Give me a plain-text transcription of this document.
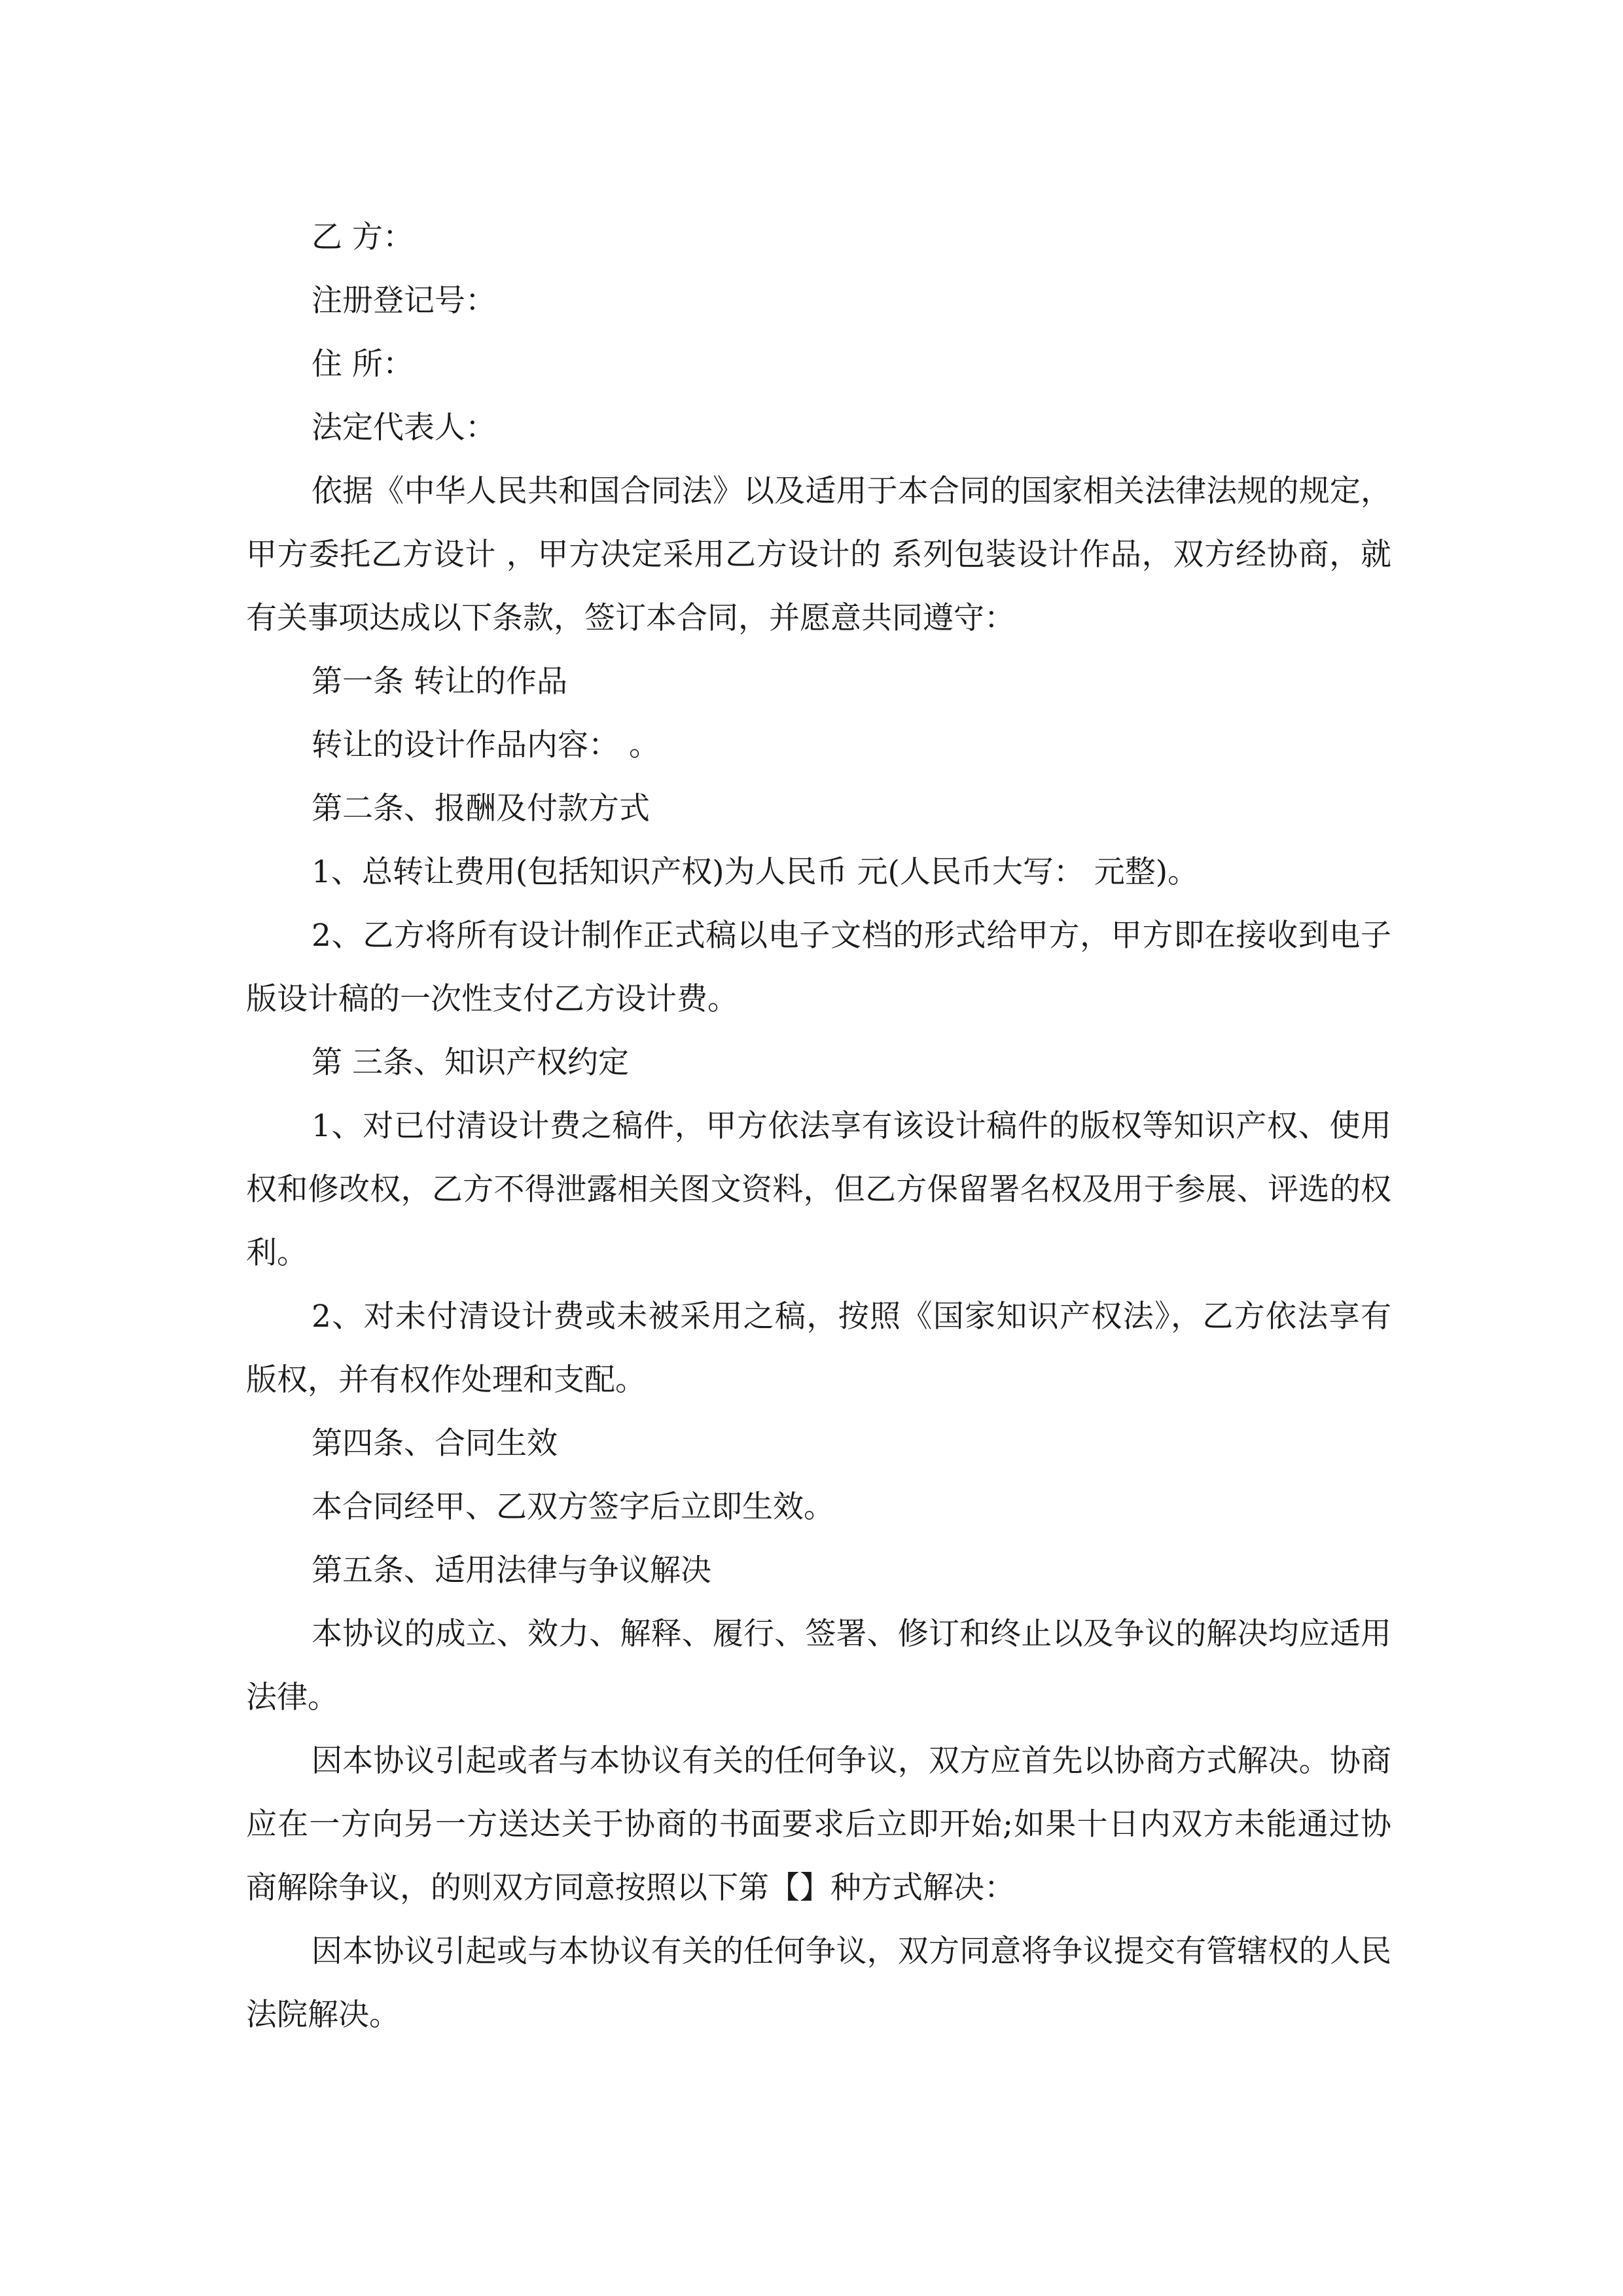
乙 方：

注册登记号：

住 所：

法定代表人：

依据《中华人民共和国合同法》以及适用于本合同的国家相关法律法规的规定，甲方委托乙方设计 ，甲方决定采用乙方设计的 系列包装设计作品，双方经协商，就有关事项达成以下条款，签订本合同，并愿意共同遵守：

第一条 转让的作品

转让的设计作品内容： 。

第二条、报酬及付款方式

1、总转让费用(包括知识产权)为人民币 元(人民币大写： 元整)。

2、乙方将所有设计制作正式稿以电子文档的形式给甲方，甲方即在接收到电子版设计稿的一次性支付乙方设计费。

第 三条、知识产权约定

1、对已付清设计费之稿件，甲方依法享有该设计稿件的版权等知识产权、使用权和修改权，乙方不得泄露相关图文资料，但乙方保留署名权及用于参展、评选的权利。

2、对未付清设计费或未被采用之稿，按照《国家知识产权法》，乙方依法享有版权，并有权作处理和支配。

第四条、合同生效

本合同经甲、乙双方签字后立即生效。

第五条、适用法律与争议解决

本协议的成立、效力、解释、履行、签署、修订和终止以及争议的解决均应适用 法律。

因本协议引起或者与本协议有关的任何争议，双方应首先以协商方式解决。协商应在一方向另一方送达关于协商的书面要求后立即开始;如果十日内双方未能通过协商解除争议，的则双方同意按照以下第【】种方式解决：

因本协议引起或与本协议有关的任何争议，双方同意将争议提交有管辖权的人民法院解决。
